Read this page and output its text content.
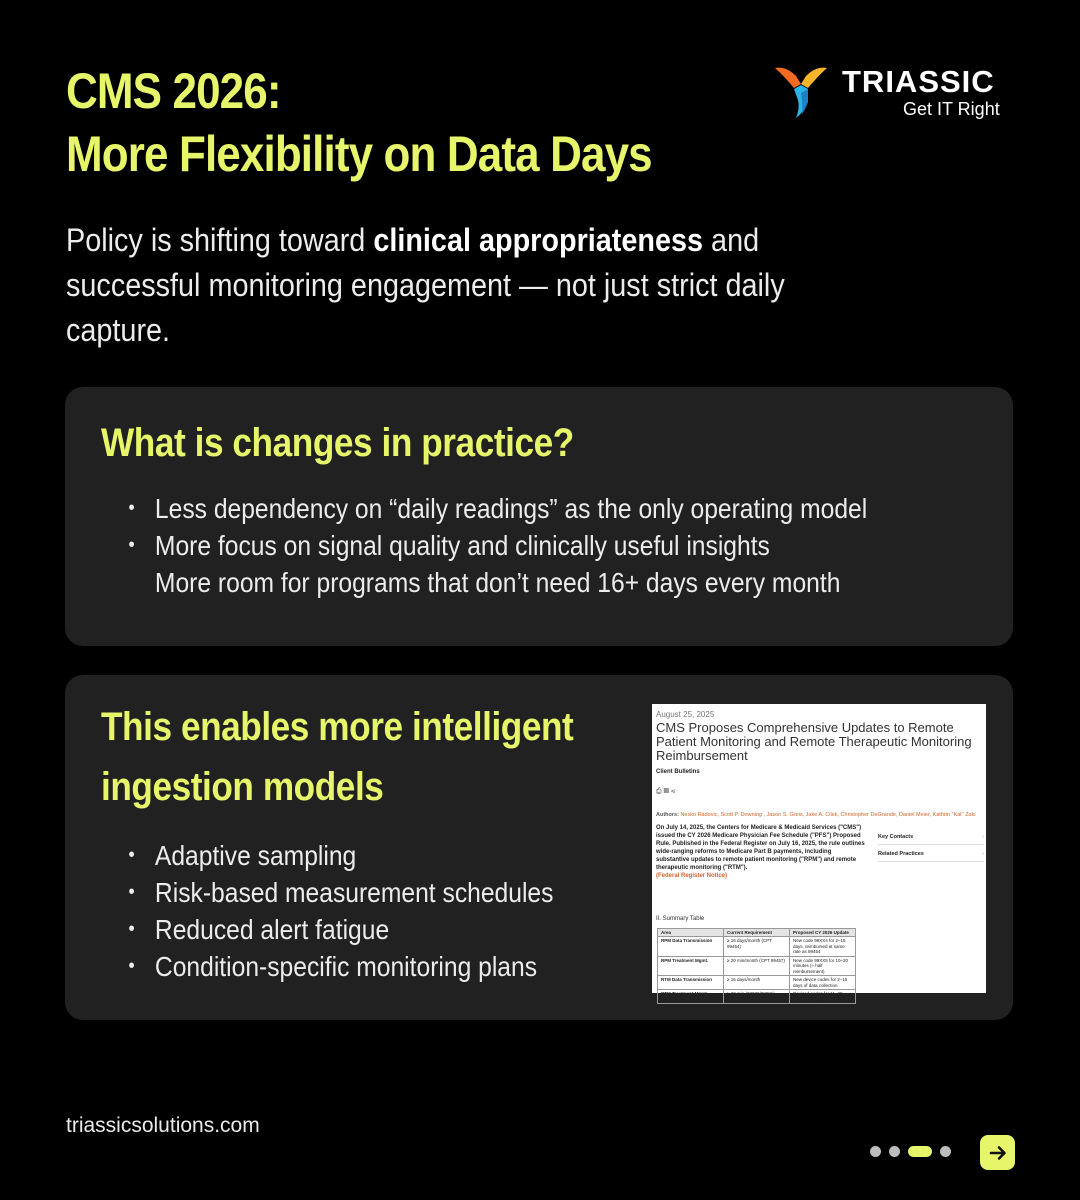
CMS 2026:
More Flexibility on Data Days
TRIASSIC
Get IT Right

Policy is shifting toward clinical appropriateness and successful monitoring engagement — not just strict daily capture.

What is changes in practice?
• Less dependency on “daily readings” as the only operating model
• More focus on signal quality and clinically useful insights
More room for programs that don’t need 16+ days every month
This enables more intelligent
ingestion models
• Adaptive sampling
• Risk-based measurement schedules
• Reduced alert fatigue
• Condition-specific monitoring plans
August 25, 2025
CMS Proposes Comprehensive Updates to Remote Patient Monitoring and Remote Therapeutic Monitoring Reimbursement
Client Bulletins
⎙▤⋖
Authors: Nesko Radovic, Scott P. Downing , Jason S. Greis, Jake A. Cilek, Christopher DeGrande, Daniel Meier, Kathrin "Kat" Zaki
On July 14, 2025, the Centers for Medicare & Medicaid Services ("CMS") issued the CY 2026 Medicare Physician Fee Schedule ("PFS") Proposed Rule. Published in the Federal Register on July 16, 2025, the rule outlines wide-ranging reforms to Medicare Part B payments, including substantive updates to remote patient monitoring ("RPM") and remote therapeutic monitoring ("RTM").
(Federal Register Notice)
Key Contacts	›
Related Practices	›
II. Summary Table
Area	Current Requirement	Proposed CY 2026 Update
RPM Data Transmission	≥ 16 days/month (CPT 99454)	New code 99XX4 for 2–15 days, reimbursed at same rate as 99454
RPM Treatment Mgmt.	≥ 20 min/month (CPT 99457)	New code 99XX5 for 10–20 minutes (≈ half reimbursement)
RTM Data Transmission	≥ 16 days/month	New device codes for 2–15 days of data collection
RTM Treatment Mgmt.	≥ 20 min (98980/98981)	Revised codes for 11–20 minutes with reduced billable
triassicsolutions.com
